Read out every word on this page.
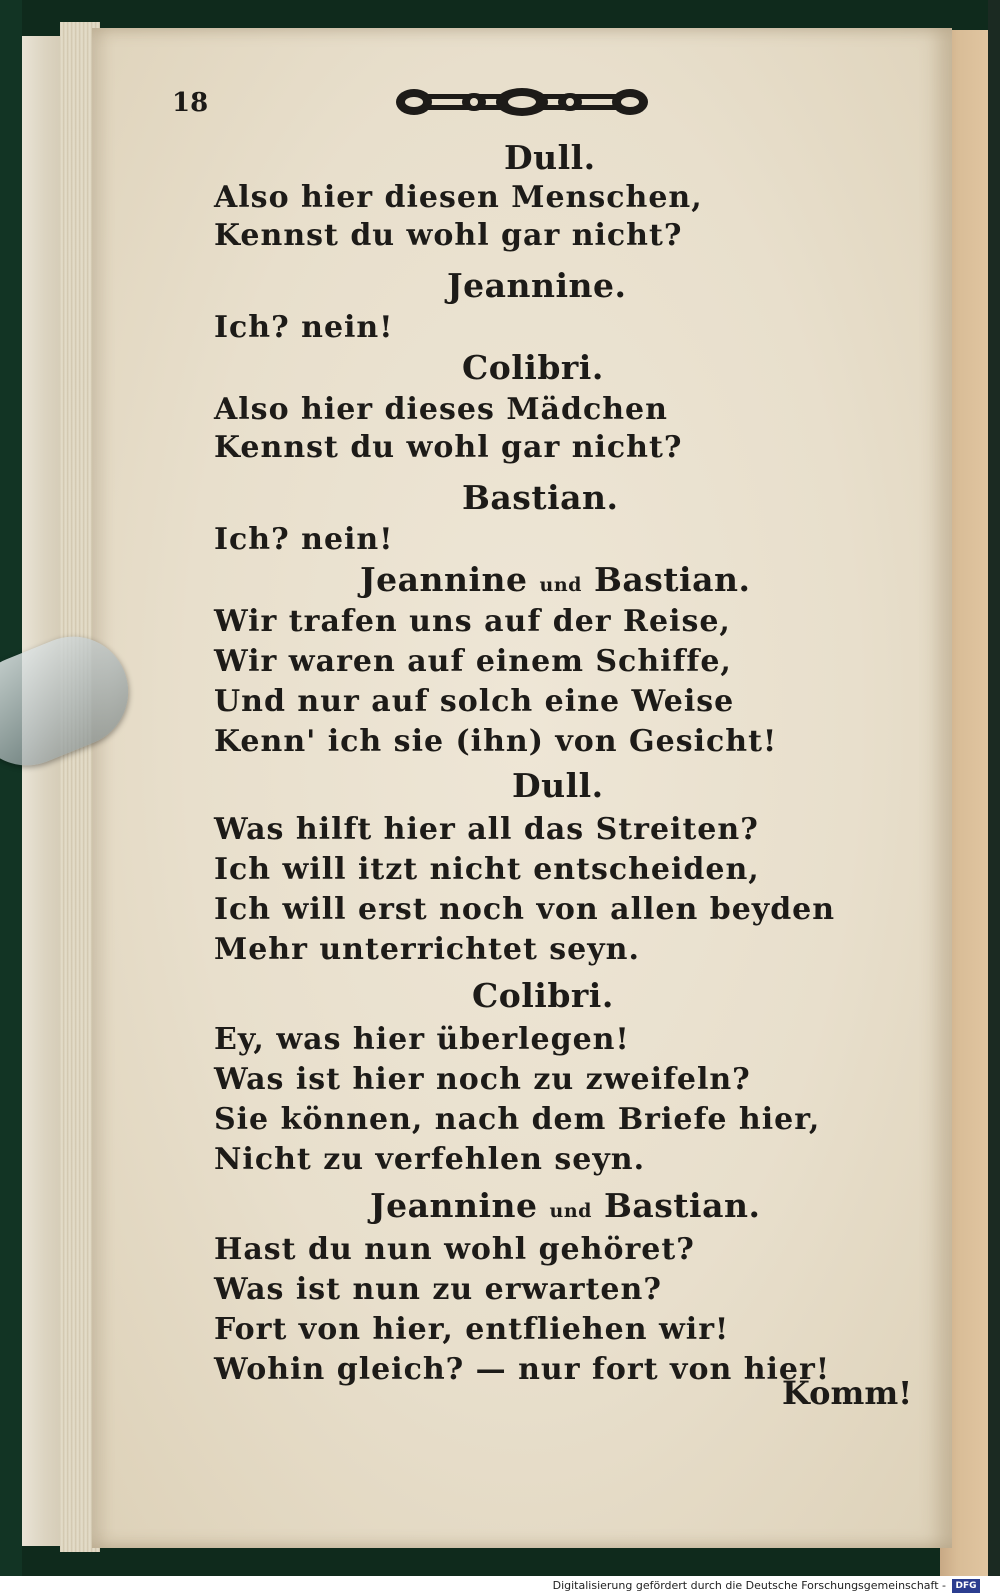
18
Dull.
Also hier diesen Menschen,
Kennst du wohl gar nicht?
Jeannine.
Ich? nein!
Colibri.
Also hier dieses Mädchen
Kennst du wohl gar nicht?
Bastian.
Ich? nein!
Jeannine und Bastian.
Wir trafen uns auf der Reise,
Wir waren auf einem Schiffe,
Und nur auf solch eine Weise
Kenn' ich sie (ihn) von Gesicht!
Dull.
Was hilft hier all das Streiten?
Ich will itzt nicht entscheiden,
Ich will erst noch von allen beyden
Mehr unterrichtet seyn.
Colibri.
Ey, was hier überlegen!
Was ist hier noch zu zweifeln?
Sie können, nach dem Briefe hier,
Nicht zu verfehlen seyn.
Jeannine und Bastian.
Hast du nun wohl gehöret?
Was ist nun zu erwarten?
Fort von hier, entfliehen wir!
Wohin gleich? — nur fort von hier!
Komm!
Digitalisierung gefördert durch die Deutsche Forschungsgemeinschaft -	DFG
